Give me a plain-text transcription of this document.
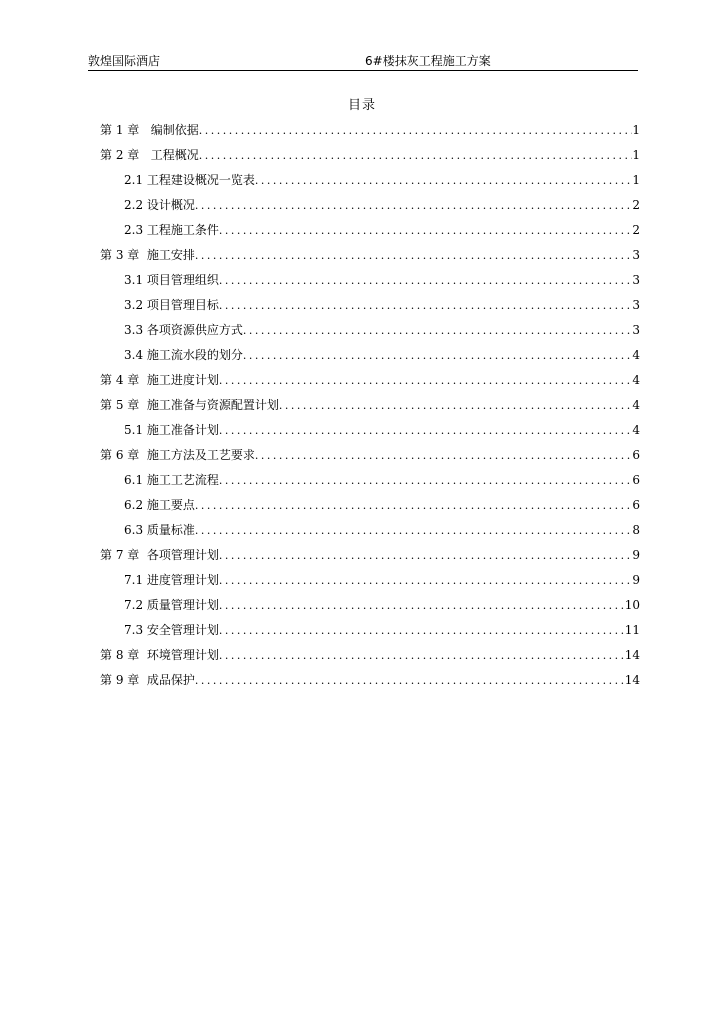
敦煌国际酒店	6#楼抹灰工程施工方案
目录
第 1 章   编制依据 .....	1
第 2 章   工程概况 .....	1
2.1 工程建设概况一览表 .....	1
2.2 设计概况 .....	2
2.3 工程施工条件 .....	2
第 3 章  施工安排 .....	3
3.1 项目管理组织 .....	3
3.2 项目管理目标 .....	3
3.3 各项资源供应方式 .....	3
3.4 施工流水段的划分 .....	4
第 4 章  施工进度计划 .....	4
第 5 章  施工准备与资源配置计划 .....	4
5.1 施工准备计划 .....	4
第 6 章  施工方法及工艺要求 .....	6
6.1 施工工艺流程 .....	6
6.2 施工要点 .....	6
6.3 质量标准 .....	8
第 7 章  各项管理计划 .....	9
7.1 进度管理计划 .....	9
7.2 质量管理计划 .....	10
7.3 安全管理计划 .....	11
第 8 章  环境管理计划 .....	14
第 9 章  成品保护 .....	14
